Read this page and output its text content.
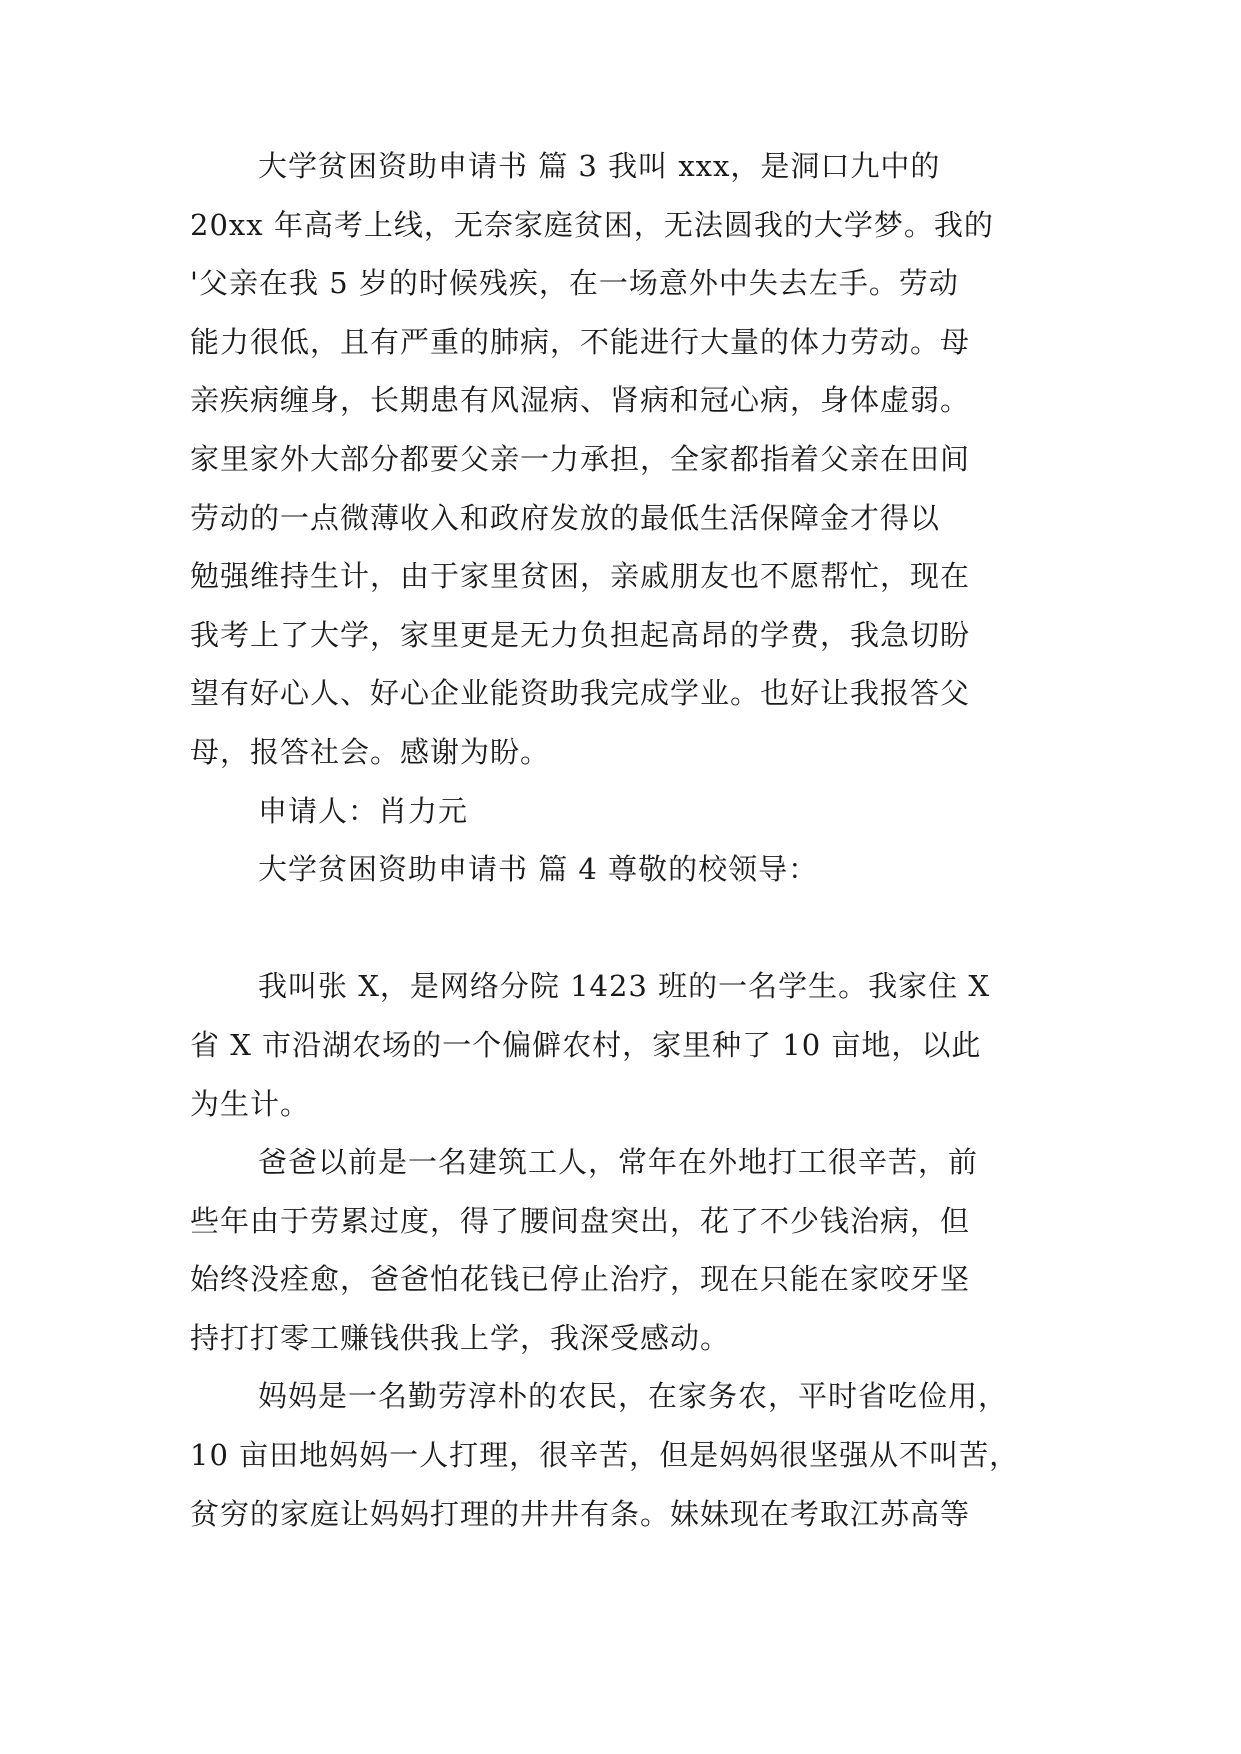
大学贫困资助申请书 篇 3 我叫 xxx，是洞口九中的
20xx 年高考上线，无奈家庭贫困，无法圆我的大学梦。我的
'父亲在我 5 岁的时候残疾，在一场意外中失去左手。劳动
能力很低，且有严重的肺病，不能进行大量的体力劳动。母
亲疾病缠身，长期患有风湿病、肾病和冠心病，身体虚弱。
家里家外大部分都要父亲一力承担，全家都指着父亲在田间
劳动的一点微薄收入和政府发放的最低生活保障金才得以
勉强维持生计，由于家里贫困，亲戚朋友也不愿帮忙，现在
我考上了大学，家里更是无力负担起高昂的学费，我急切盼
望有好心人、好心企业能资助我完成学业。也好让我报答父
母，报答社会。感谢为盼。
申请人：肖力元
大学贫困资助申请书 篇 4 尊敬的校领导：
我叫张 X，是网络分院 1423 班的一名学生。我家住 X
省 X 市沿湖农场的一个偏僻农村，家里种了 10 亩地，以此
为生计。
爸爸以前是一名建筑工人，常年在外地打工很辛苦，前
些年由于劳累过度，得了腰间盘突出，花了不少钱治病，但
始终没痊愈，爸爸怕花钱已停止治疗，现在只能在家咬牙坚
持打打零工赚钱供我上学，我深受感动。
妈妈是一名勤劳淳朴的农民，在家务农，平时省吃俭用，
10 亩田地妈妈一人打理，很辛苦，但是妈妈很坚强从不叫苦，
贫穷的家庭让妈妈打理的井井有条。妹妹现在考取江苏高等
